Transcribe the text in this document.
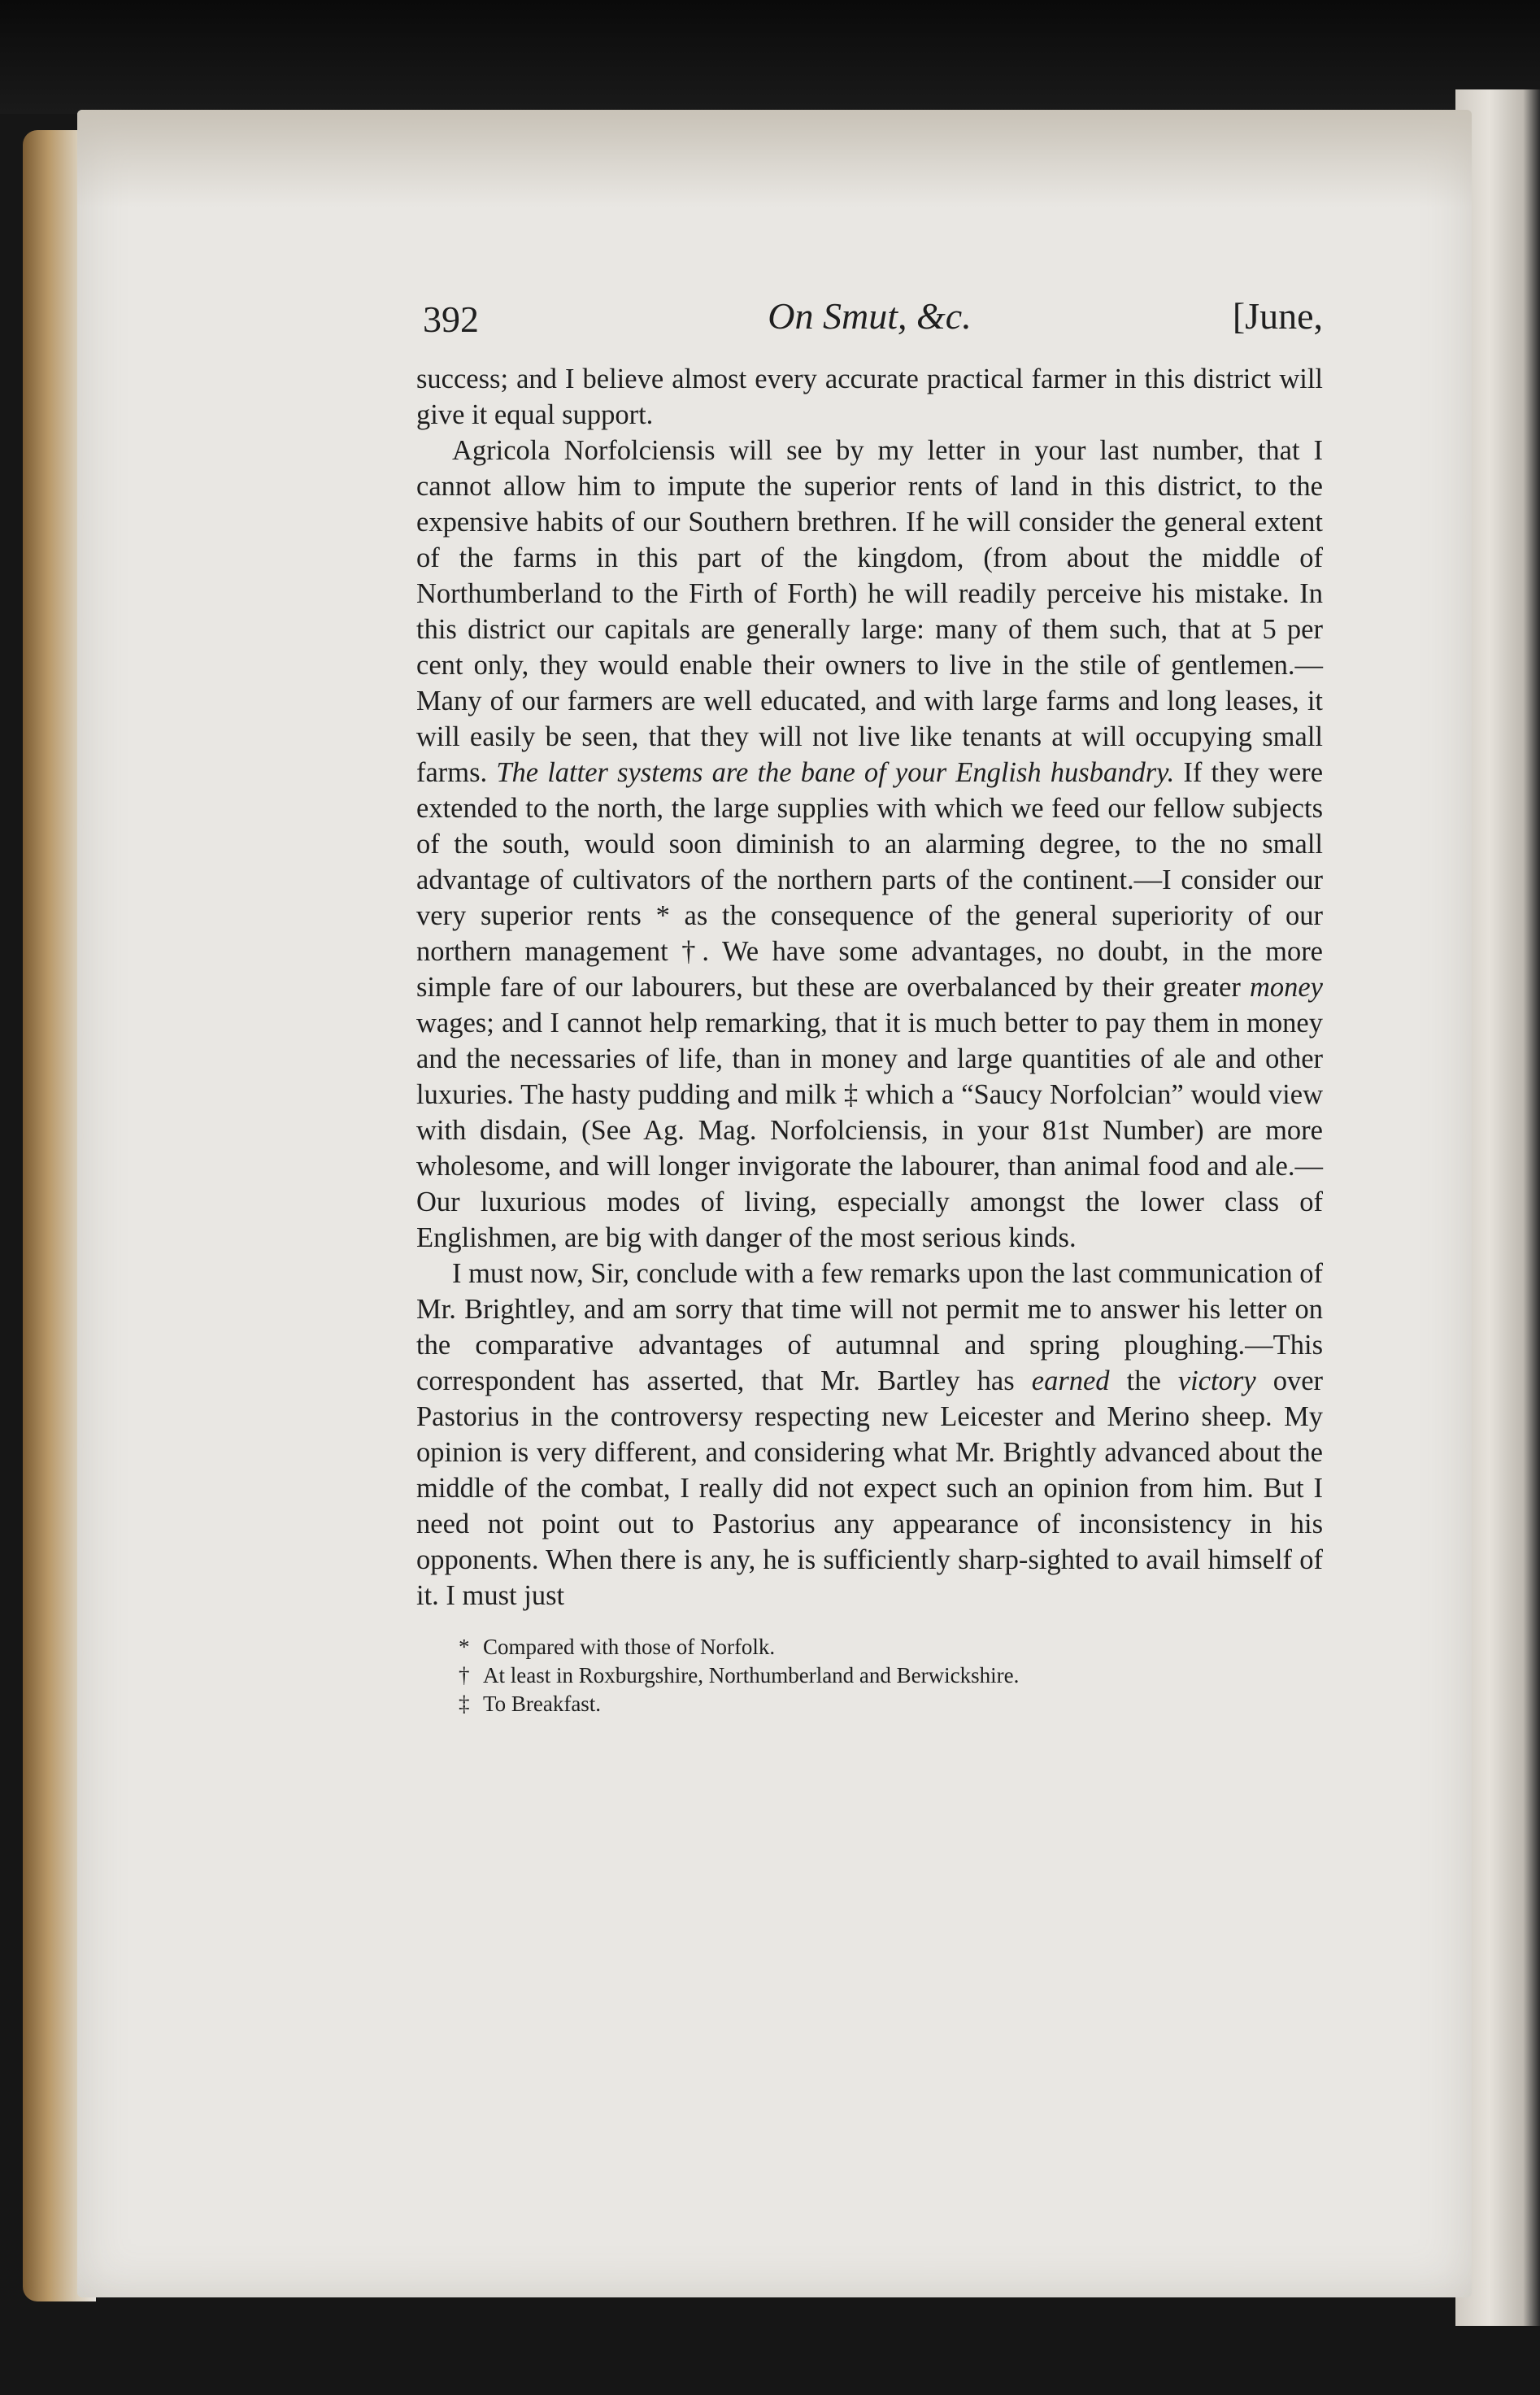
392	On Smut, &c.	[June,

success; and I believe almost every accurate practical farmer in this district will give it equal support.

Agricola Norfolciensis will see by my letter in your last number, that I cannot allow him to impute the superior rents of land in this district, to the expensive habits of our Southern brethren. If he will consider the general extent of the farms in this part of the kingdom, (from about the middle of Northumberland to the Firth of Forth) he will readily perceive his mistake. In this district our capitals are generally large: many of them such, that at 5 per cent only, they would enable their owners to live in the stile of gentlemen.—Many of our farmers are well educated, and with large farms and long leases, it will easily be seen, that they will not live like tenants at will occupying small farms. The latter systems are the bane of your English husbandry. If they were extended to the north, the large supplies with which we feed our fellow subjects of the south, would soon diminish to an alarming degree, to the no small advantage of cultivators of the northern parts of the continent.—I consider our very superior rents * as the consequence of the general superiority of our northern management †. We have some advantages, no doubt, in the more simple fare of our labourers, but these are overbalanced by their greater money wages; and I cannot help remarking, that it is much better to pay them in money and the necessaries of life, than in money and large quantities of ale and other luxuries. The hasty pudding and milk ‡ which a “Saucy Norfolcian” would view with disdain, (See Ag. Mag. Norfolciensis, in your 81st Number) are more wholesome, and will longer invigorate the labourer, than animal food and ale.—Our luxurious modes of living, especially amongst the lower class of Englishmen, are big with danger of the most serious kinds.

I must now, Sir, conclude with a few remarks upon the last communication of Mr. Brightley, and am sorry that time will not permit me to answer his letter on the comparative advantages of autumnal and spring ploughing.—This correspondent has asserted, that Mr. Bartley has earned the victory over Pastorius in the controversy respecting new Leicester and Merino sheep. My opinion is very different, and considering what Mr. Brightly advanced about the middle of the combat, I really did not expect such an opinion from him. But I need not point out to Pastorius any appearance of inconsistency in his opponents. When there is any, he is sufficiently sharp-sighted to avail himself of it. I must just

* Compared with those of Norfolk.
† At least in Roxburgshire, Northumberland and Berwickshire.
‡ To Breakfast.
